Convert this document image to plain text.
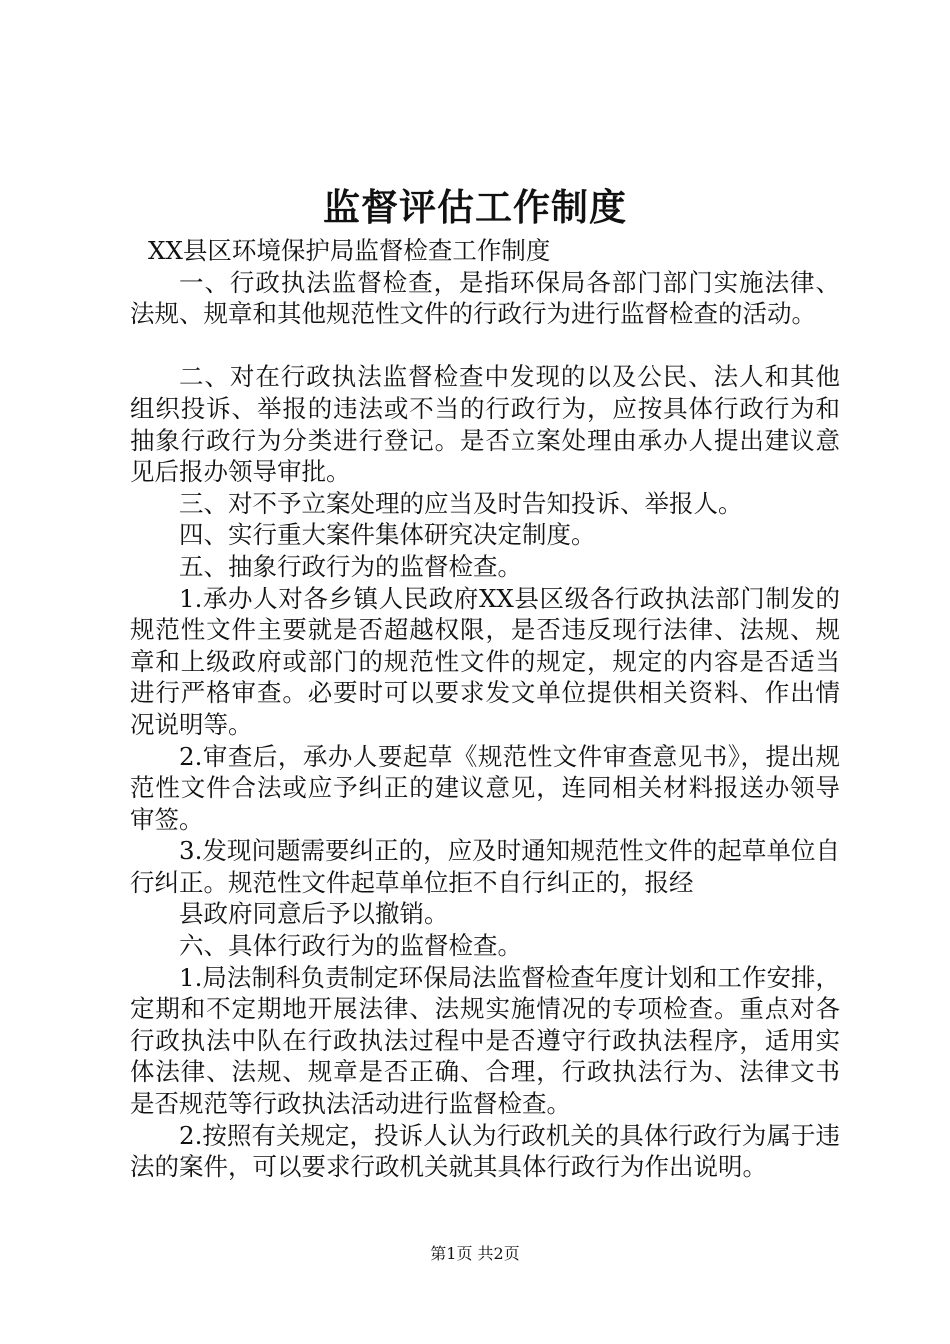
监督评估工作制度

XX县区环境保护局监督检查工作制度

一、行政执法监督检查，是指环保局各部门部门实施法律、法规、规章和其他规范性文件的行政行为进行监督检查的活动。

二、对在行政执法监督检查中发现的以及公民、法人和其他组织投诉、举报的违法或不当的行政行为，应按具体行政行为和抽象行政行为分类进行登记。是否立案处理由承办人提出建议意见后报办领导审批。

三、对不予立案处理的应当及时告知投诉、举报人。

四、实行重大案件集体研究决定制度。

五、抽象行政行为的监督检查。

1.承办人对各乡镇人民政府XX县区级各行政执法部门制发的规范性文件主要就是否超越权限，是否违反现行法律、法规、规章和上级政府或部门的规范性文件的规定，规定的内容是否适当进行严格审查。必要时可以要求发文单位提供相关资料、作出情况说明等。

2.审查后，承办人要起草《规范性文件审查意见书》，提出规范性文件合法或应予纠正的建议意见，连同相关材料报送办领导审签。

3.发现问题需要纠正的，应及时通知规范性文件的起草单位自行纠正。规范性文件起草单位拒不自行纠正的，报经

县政府同意后予以撤销。

六、具体行政行为的监督检查。

1.局法制科负责制定环保局法监督检查年度计划和工作安排，定期和不定期地开展法律、法规实施情况的专项检查。重点对各行政执法中队在行政执法过程中是否遵守行政执法程序，适用实体法律、法规、规章是否正确、合理，行政执法行为、法律文书是否规范等行政执法活动进行监督检查。

2.按照有关规定，投诉人认为行政机关的具体行政行为属于违法的案件，可以要求行政机关就其具体行政行为作出说明。

第1页 共2页
